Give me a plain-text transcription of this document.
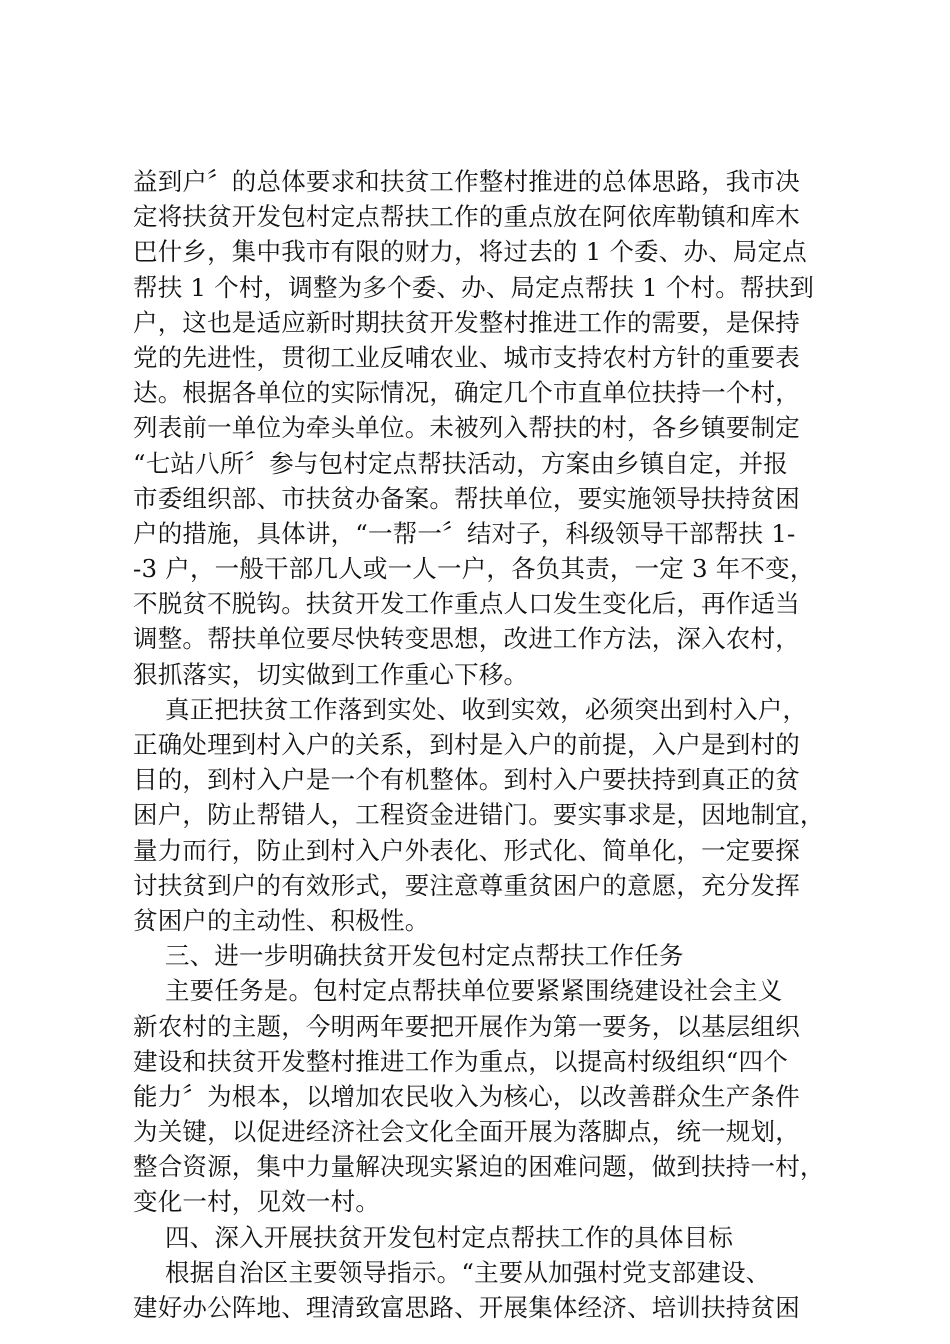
益到户〞的总体要求和扶贫工作整村推进的总体思路，我市决
定将扶贫开发包村定点帮扶工作的重点放在阿依库勒镇和库木
巴什乡，集中我市有限的财力，将过去的 1 个委、办、局定点
帮扶 1 个村，调整为多个委、办、局定点帮扶 1 个村。帮扶到
户，这也是适应新时期扶贫开发整村推进工作的需要，是保持
党的先进性，贯彻工业反哺农业、城市支持农村方针的重要表
达。根据各单位的实际情况，确定几个市直单位扶持一个村，
列表前一单位为牵头单位。未被列入帮扶的村，各乡镇要制定
“七站八所〞参与包村定点帮扶活动，方案由乡镇自定，并报
市委组织部、市扶贫办备案。帮扶单位，要实施领导扶持贫困
户的措施，具体讲，“一帮一〞结对子，科级领导干部帮扶 1-
-3 户，一般干部几人或一人一户，各负其责，一定 3 年不变，
不脱贫不脱钩。扶贫开发工作重点人口发生变化后，再作适当
调整。帮扶单位要尽快转变思想，改进工作方法，深入农村，
狠抓落实，切实做到工作重心下移。
真正把扶贫工作落到实处、收到实效，必须突出到村入户，
正确处理到村入户的关系，到村是入户的前提，入户是到村的
目的，到村入户是一个有机整体。到村入户要扶持到真正的贫
困户，防止帮错人，工程资金进错门。要实事求是，因地制宜，
量力而行，防止到村入户外表化、形式化、简单化，一定要探
讨扶贫到户的有效形式，要注意尊重贫困户的意愿，充分发挥
贫困户的主动性、积极性。
三、进一步明确扶贫开发包村定点帮扶工作任务
主要任务是。包村定点帮扶单位要紧紧围绕建设社会主义
新农村的主题，今明两年要把开展作为第一要务，以基层组织
建设和扶贫开发整村推进工作为重点，以提高村级组织“四个
能力〞为根本，以增加农民收入为核心，以改善群众生产条件
为关键，以促进经济社会文化全面开展为落脚点，统一规划，
整合资源，集中力量解决现实紧迫的困难问题，做到扶持一村，
变化一村，见效一村。
四、深入开展扶贫开发包村定点帮扶工作的具体目标
根据自治区主要领导指示。“主要从加强村党支部建设、
建好办公阵地、理清致富思路、开展集体经济、培训扶持贫困
